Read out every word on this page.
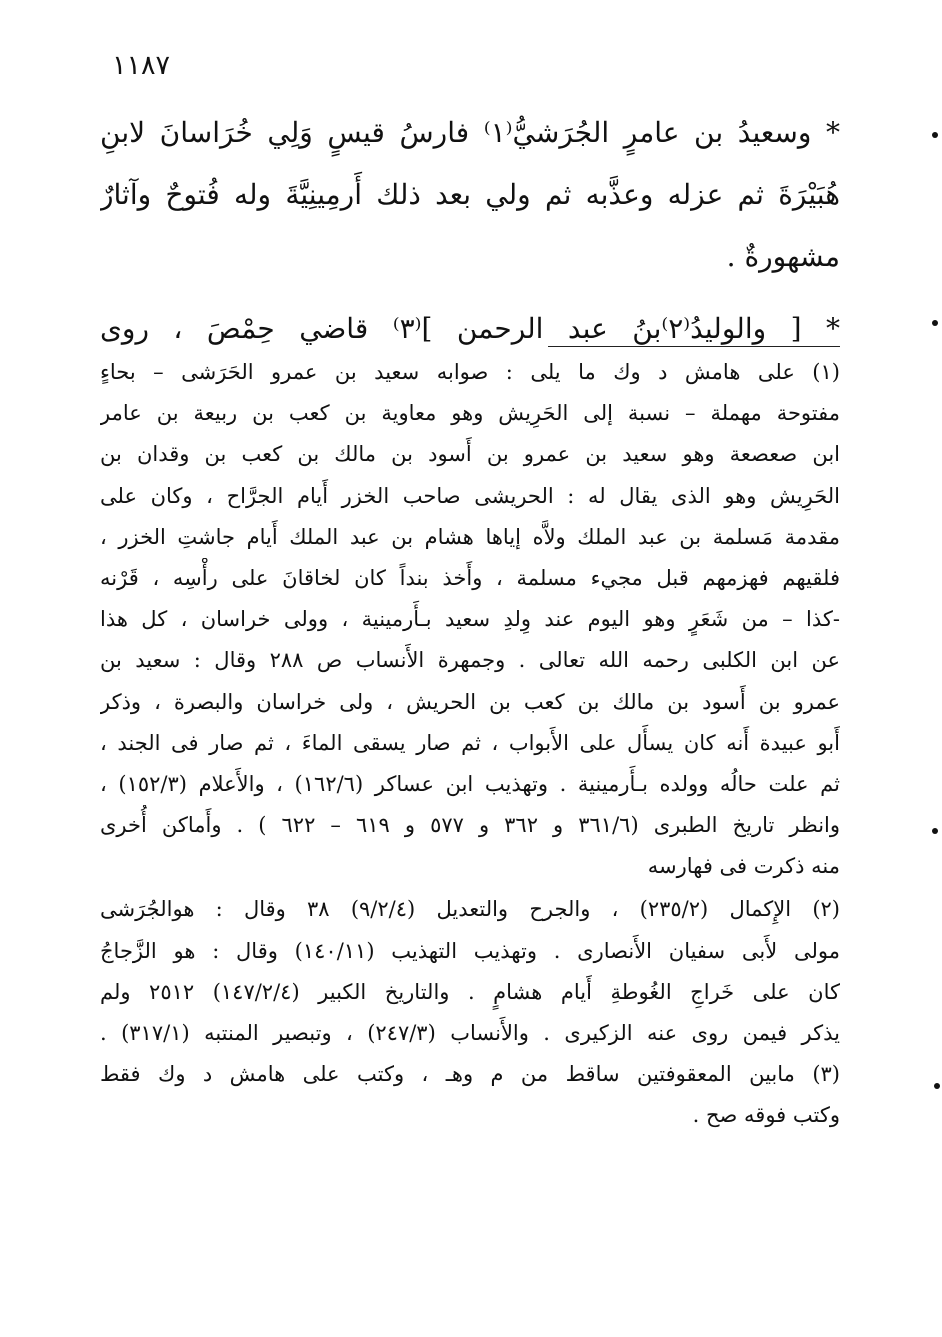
١١٨٧
* وسعيدُ بن عامرٍ الجُرَشيُّ⁽١⁾ فارسُ قيسٍ وَلِي خُرَاسانَ لابنِ
هُبَيْرَةَ ثم عزله وعذَّبه ثم ولي بعد ذلك أَرمِينِيَّةَ وله فُتوحٌ وآثارٌ
مشهورةٌ .
* [ والوليدُ⁽٢⁾بنُ عبد الرحمن ]⁽٣⁾ قاضي حِمْصَ ، روى
(١) على هامش د وك ما يلى : صوابه سعيد بن عمرو الحَرَشى – بحاءٍ
مفتوحة مهملة – نسبة إلى الحَرِيش وهو معاوية بن كعب بن ربيعة بن عامر
ابن صعصعة وهو سعيد بن عمرو بن أَسود بن مالك بن كعب بن وقدان بن
الحَرِيش وهو الذى يقال له : الحريشى صاحب الخزر أَيام الجرَّاح ، وكان على
مقدمة مَسلمة بن عبد الملك ولاَّه إياها هشام بن عبد الملك أَيام جاشتِ الخزر ،
فلقيهم فهزمهم قبل مجيء مسلمة ، وأَخذ بنداً كان لخاقانَ على رأْسِه ، قَرْنه
-كذا – من شَعَرٍ وهو اليوم عند وِلدِ سعيد بـأَرمينية ، وولى خراسان ، كل هذا
عن ابن الكلبى رحمه الله تعالى . وجمهرة الأَنساب ص ٢٨٨ وقال : سعيد بن
عمرو بن أَسود بن مالك بن كعب بن الحريش ، ولى خراسان والبصرة ، وذكر
أَبو عبيدة أَنه كان يسأَل على الأَبواب ، ثم صار يسقى الماءَ ، ثم صار فى الجند ،
ثم علت حالُه وولده بـأَرمينية . وتهذيب ابن عساكر (١٦٢/٦) ، والأَعلام (١٥٢/٣) ،
وانظر تاريخ الطبرى (٣٦١/٦ و ٣٦٢ و ٥٧٧ و ٦١٩ – ٦٢٢ ) . وأَماكن أُخرى
منه ذكرت فى فهارسه
(٢) الإِكمال (٢٣٥/٢) ، والجرح والتعديل (٩/٢/٤) ٣٨ وقال : هوالجُرَشى
مولى لأَبى سفيان الأَنصارى . وتهذيب التهذيب (١٤٠/١١) وقال : هو الزَّجاجُ
كان على خَراجِ الغُوطةِ أَيام هشامٍ . والتاريخ الكبير (١٤٧/٢/٤) ٢٥١٢ ولم
يذكر فيمن روى عنه الزكيرى . والأَنساب (٢٤٧/٣) ، وتبصير المنتبه (٣١٧/١) .
(٣) مابين المعقوفتين ساقط من م وهـ ، وكتب على هامش د وك فقط
وكتب فوقه صح .
